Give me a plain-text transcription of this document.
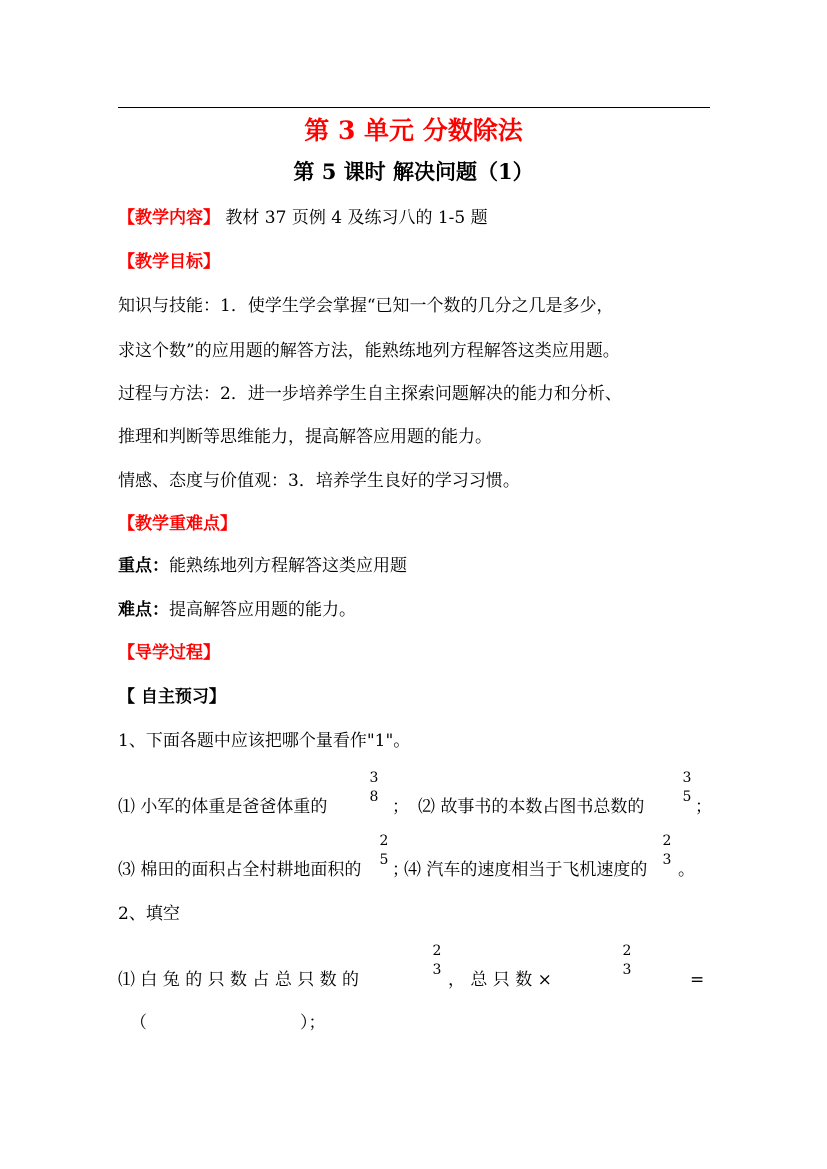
第 3 单元 分数除法
第 5 课时 解决问题（1）
【教学内容】 教材 37 页例 4 及练习八的 1-5 题
【教学目标】
知识与技能：1．使学生学会掌握“已知一个数的几分之几是多少，
求这个数”的应用题的解答方法，能熟练地列方程解答这类应用题。
过程与方法：2．进一步培养学生自主探索问题解决的能力和分析、
推理和判断等思维能力，提高解答应用题的能力。
情感、态度与价值观：3．培养学生良好的学习习惯。
【教学重难点】
重点：能熟练地列方程解答这类应用题
难点：提高解答应用题的能力。
【导学过程】
【 自主预习】
1、下面各题中应该把哪个量看作"1"。
⑴ 小军的体重是爸爸体重的
3
8 ； ⑵ 故事书的本数占图书总数的
3
5 ；
⑶ 棉田的面积占全村耕地面积的
2
5 ；
⑷ 汽车的速度相当于飞机速度的
2
3 。
2、填空
⑴ 白 兔 的 只 数 占 总 只 数 的
2
3 ， 总 只 数 ×
2
3	=
（	）；
